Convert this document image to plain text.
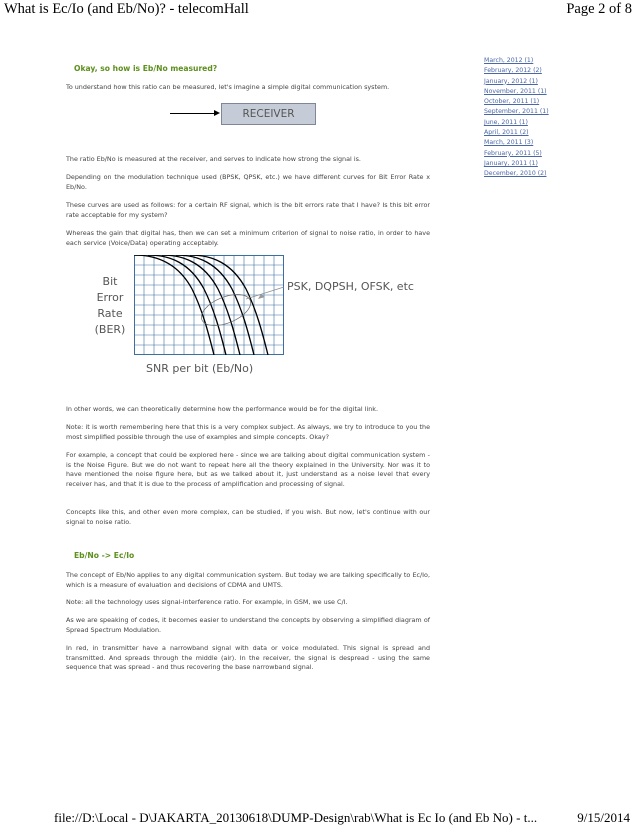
What is Ec/Io (and Eb/No)? - telecomHall	Page 2 of 8
March, 2012 (1)
February, 2012 (2)
January, 2012 (1)
November, 2011 (1)
October, 2011 (1)
September, 2011 (1)
June, 2011 (1)
April, 2011 (2)
March, 2011 (3)
February, 2011 (5)
January, 2011 (1)
December, 2010 (2)
Okay, so how is Eb/No measured?

To understand how this ratio can be measured, let's imagine a simple digital communication system.

The ratio Eb/No is measured at the receiver, and serves to indicate how strong the signal is.

Depending on the modulation technique used (BPSK, QPSK, etc.) we have different curves for Bit Error Rate x Eb/No.

These curves are used as follows: for a certain RF signal, which is the bit errors rate that I have? Is this bit error rate acceptable for my system?

Whereas the gain that digital has, then we can set a minimum criterion of signal to noise ratio, in order to have each service (Voice/Data) operating acceptably.

In other words, we can theoretically determine how the performance would be for the digital link.

Note: it is worth remembering here that this is a very complex subject. As always, we try to introduce to you the most simplified possible through the use of examples and simple concepts. Okay?

For example, a concept that could be explored here - since we are talking about digital communication system - is the Noise Figure. But we do not want to repeat here all the theory explained in the University. Nor was it to have mentioned the noise figure here, but as we talked about it, just understand as a noise level that every receiver has, and that it is due to the process of amplification and processing of signal.

Concepts like this, and other even more complex, can be studied, if you wish. But now, let's continue with our signal to noise ratio.

Eb/No -> Ec/Io

The concept of Eb/No applies to any digital communication system. But today we are talking specifically to Ec/Io, which is a measure of evaluation and decisions of CDMA and UMTS.

Note: all the technology uses signal-interference ratio. For example, in GSM, we use C/I.

As we are speaking of codes, it becomes easier to understand the concepts by observing a simplified diagram of Spread Spectrum Modulation.

In red, in transmitter have a narrowband signal with data or voice modulated. This signal is spread and transmitted. And spreads through the middle (air). In the receiver, the signal is despread - using the same sequence that was spread - and thus recovering the base narrowband signal.

RECEIVER
Bit
Error
Rate
(BER)
PSK, DQPSH, OFSK, etc
SNR per bit (Eb/No)
file://D:\Local - D\JAKARTA_20130618\DUMP-Design\rab\What is Ec Io (and Eb No) - t...	9/15/2014
